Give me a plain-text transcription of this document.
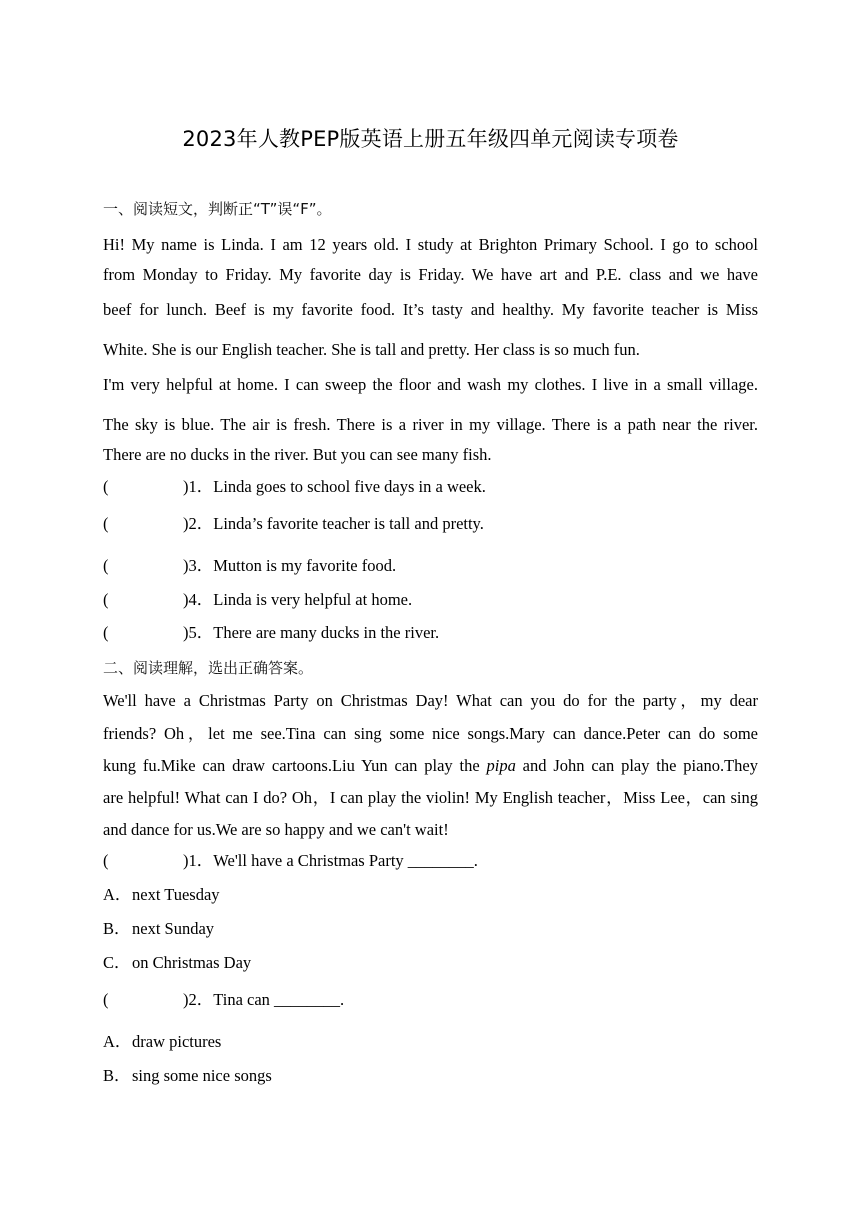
2023年人教PEP版英语上册五年级四单元阅读专项卷
一、阅读短文，判断正“T”误“F”。
Hi! My name is Linda. I am 12 years old. I study at Brighton Primary School. I go to school
from Monday to Friday. My favorite day is Friday. We have art and P.E. class and we have
beef for lunch. Beef is my favorite food. It’s tasty and healthy. My favorite teacher is Miss
White. She is our English teacher. She is tall and pretty. Her class is so much fun.
I'm very helpful at home. I can sweep the floor and wash my clothes. I live in a small village.
The sky is blue. The air is fresh. There is a river in my village. There is a path near the river.
There are no ducks in the river. But you can see many fish.
(	)1．Linda goes to school five days in a week.
(	)2．Linda’s favorite teacher is tall and pretty.
(	)3．Mutton is my favorite food.
(	)4．Linda is very helpful at home.
(	)5．There are many ducks in the river.
二、阅读理解，选出正确答案。
We'll have a Christmas Party on Christmas Day! What can you do for the party，my dear
friends? Oh，let me see.Tina can sing some nice songs.Mary can dance.Peter can do some
kung fu.Mike can draw cartoons.Liu Yun can play the pipa and John can play the piano.They
are helpful! What can I do? Oh，I can play the violin! My English teacher，Miss Lee，can sing
and dance for us.We are so happy and we can't wait!
(	)1．We'll have a Christmas Party ________.
A．next Tuesday
B．next Sunday
C．on Christmas Day
(	)2．Tina can ________.
A．draw pictures
B．sing some nice songs
